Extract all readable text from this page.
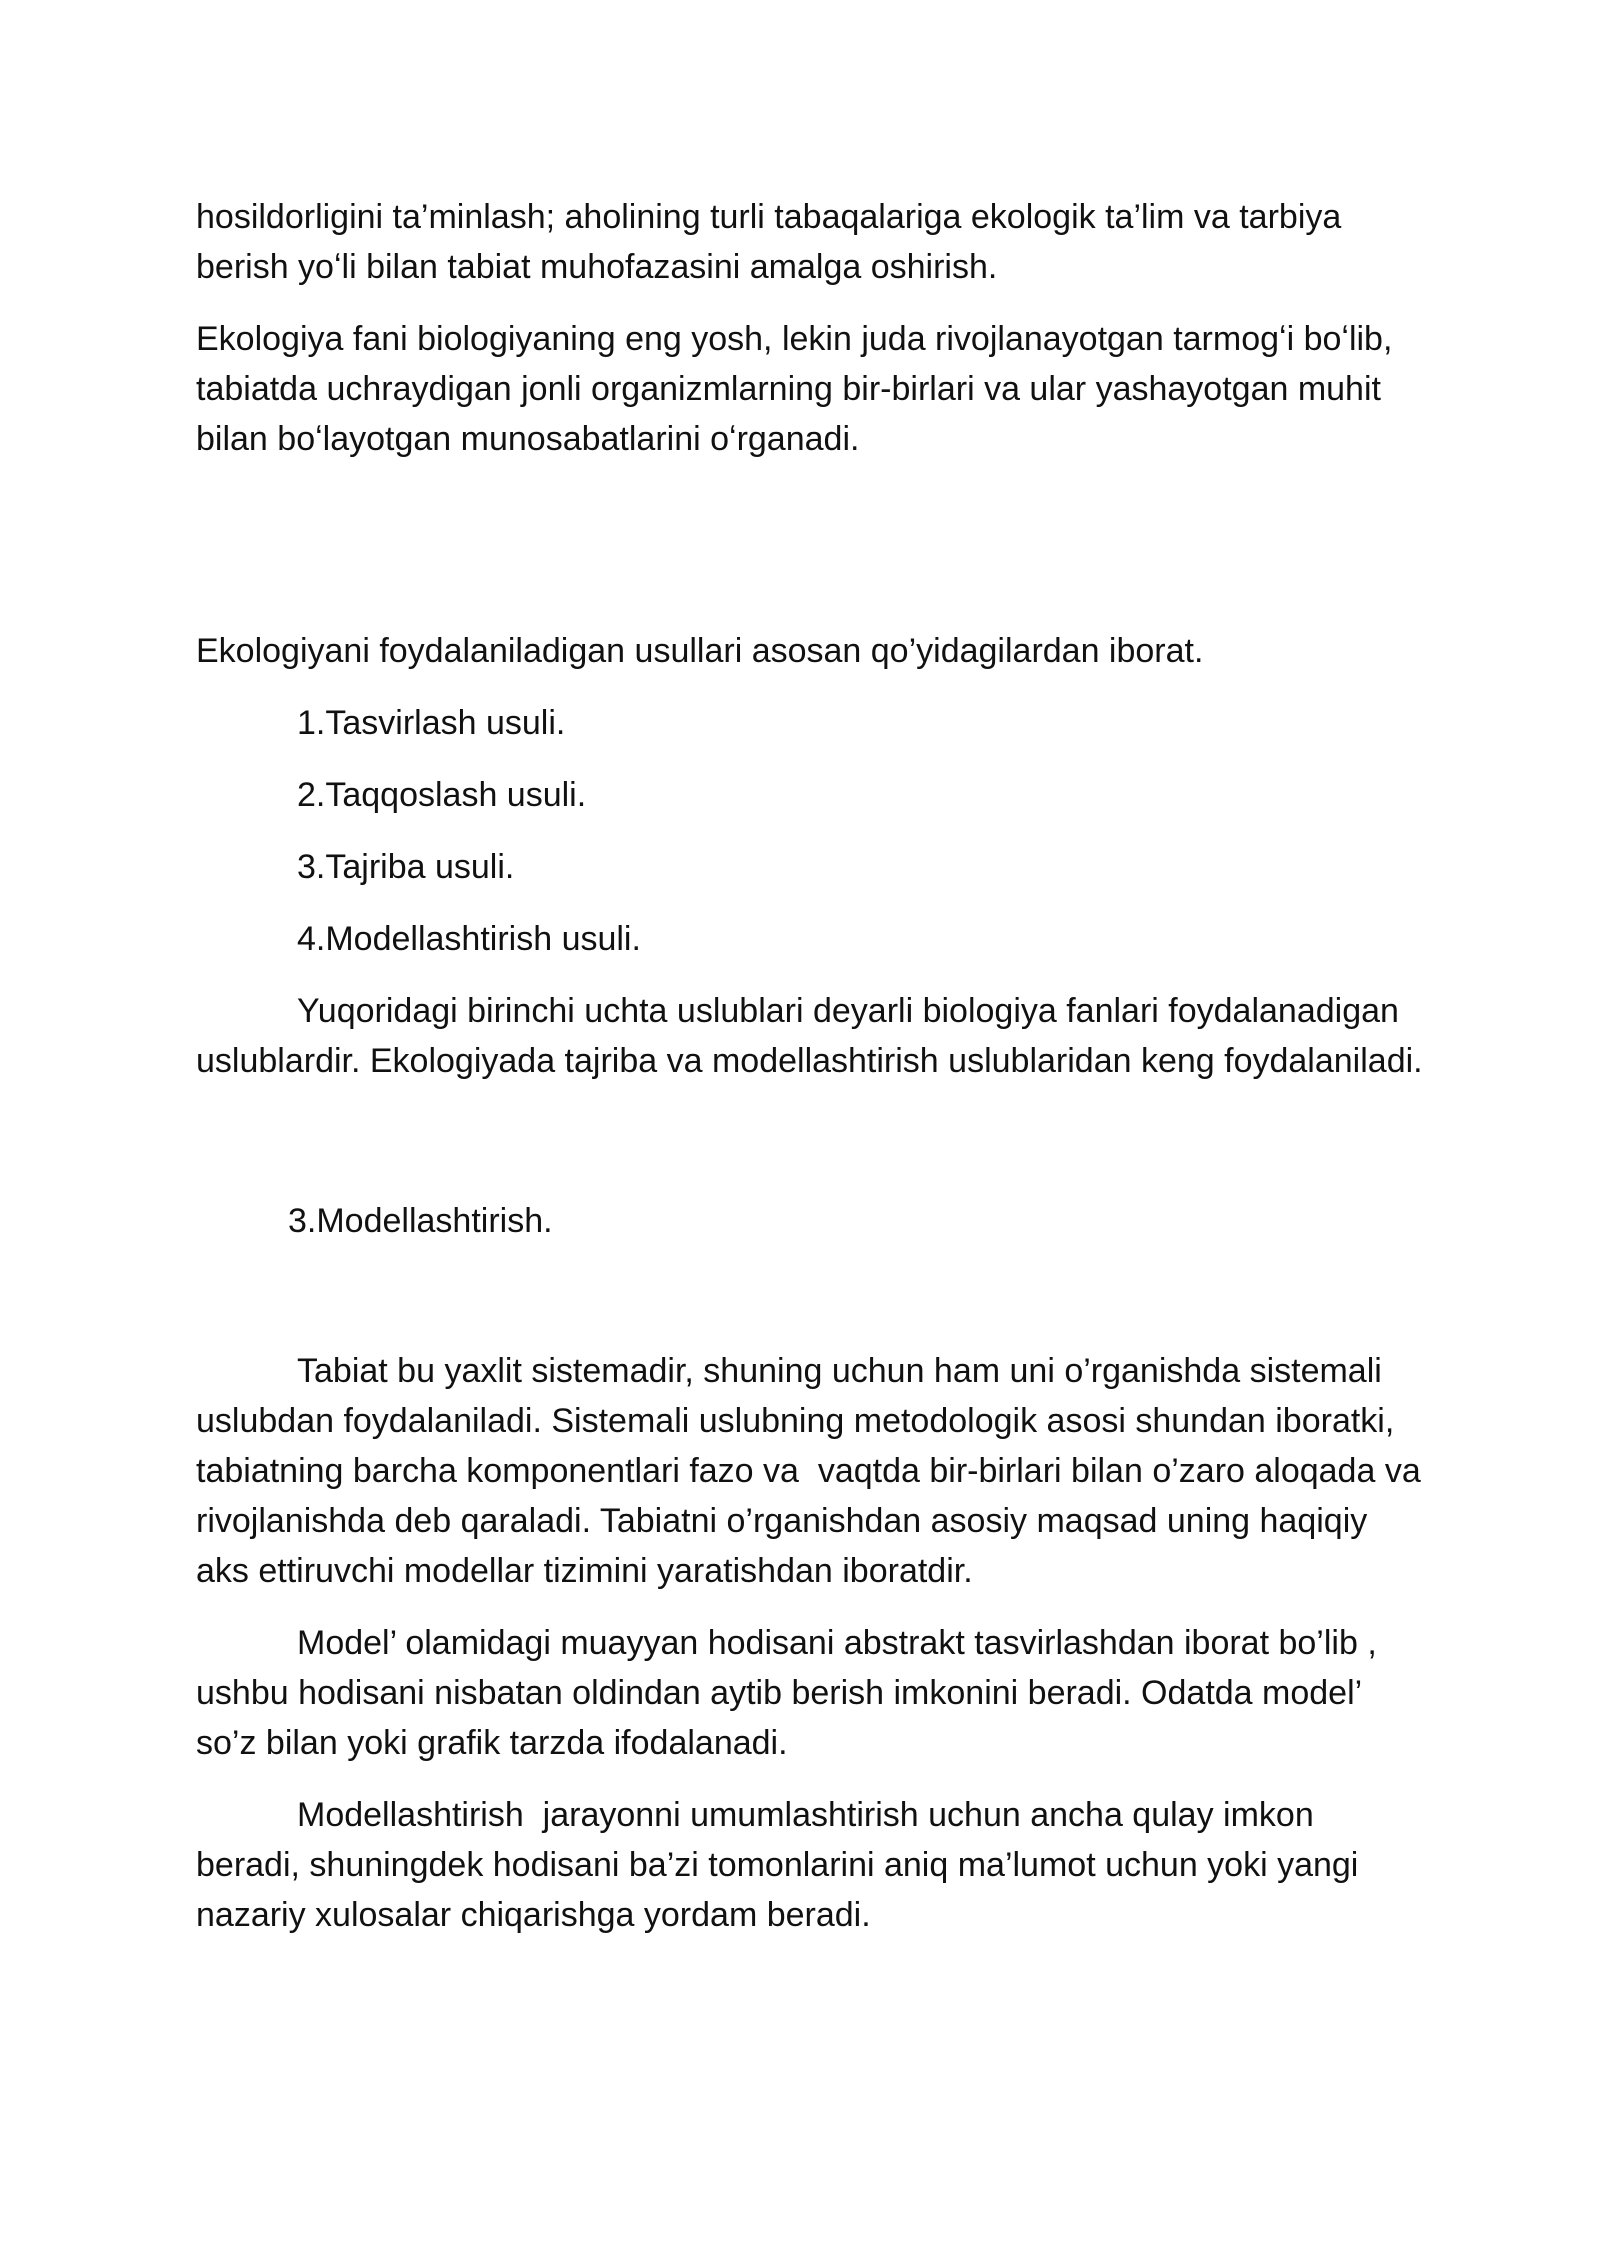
hosildorligini ta’minlash; aholining turli tabaqalariga ekologik ta’lim va tarbiya berish yoʻli bilan tabiat muhofazasini amalga oshirish.

Ekologiya fani biologiyaning eng yosh, lekin juda rivojlanayotgan tarmogʻi boʻlib, tabiatda uchraydigan jonli organizmlarning bir-birlari va ular yashayotgan muhit bilan boʻlayotgan munosabatlarini oʻrganadi.

Ekologiyani foydalaniladigan usullari asosan qo’yidagilardan iborat.

1.Tasvirlash usuli.

2.Taqqoslash usuli.

3.Tajriba usuli.

4.Modellashtirish usuli.

Yuqoridagi birinchi uchta uslublari deyarli biologiya fanlari foydalanadigan uslublardir. Ekologiyada tajriba va modellashtirish uslublaridan keng foydalaniladi.

3.Modellashtirish.

Tabiat bu yaxlit sistemadir, shuning uchun ham uni o’rganishda sistemali uslubdan foydalaniladi. Sistemali uslubning metodologik asosi shundan iboratki, tabiatning barcha komponentlari fazo va  vaqtda bir-birlari bilan o’zaro aloqada va rivojlanishda deb qaraladi. Tabiatni o’rganishdan asosiy maqsad uning haqiqiy aks ettiruvchi modellar tizimini yaratishdan iboratdir.

Model’ olamidagi muayyan hodisani abstrakt tasvirlashdan iborat bo’lib , ushbu hodisani nisbatan oldindan aytib berish imkonini beradi. Odatda model’ so’z bilan yoki grafik tarzda ifodalanadi.

Modellashtirish  jarayonni umumlashtirish uchun ancha qulay imkon beradi, shuningdek hodisani ba’zi tomonlarini aniq ma’lumot uchun yoki yangi nazariy xulosalar chiqarishga yordam beradi.
